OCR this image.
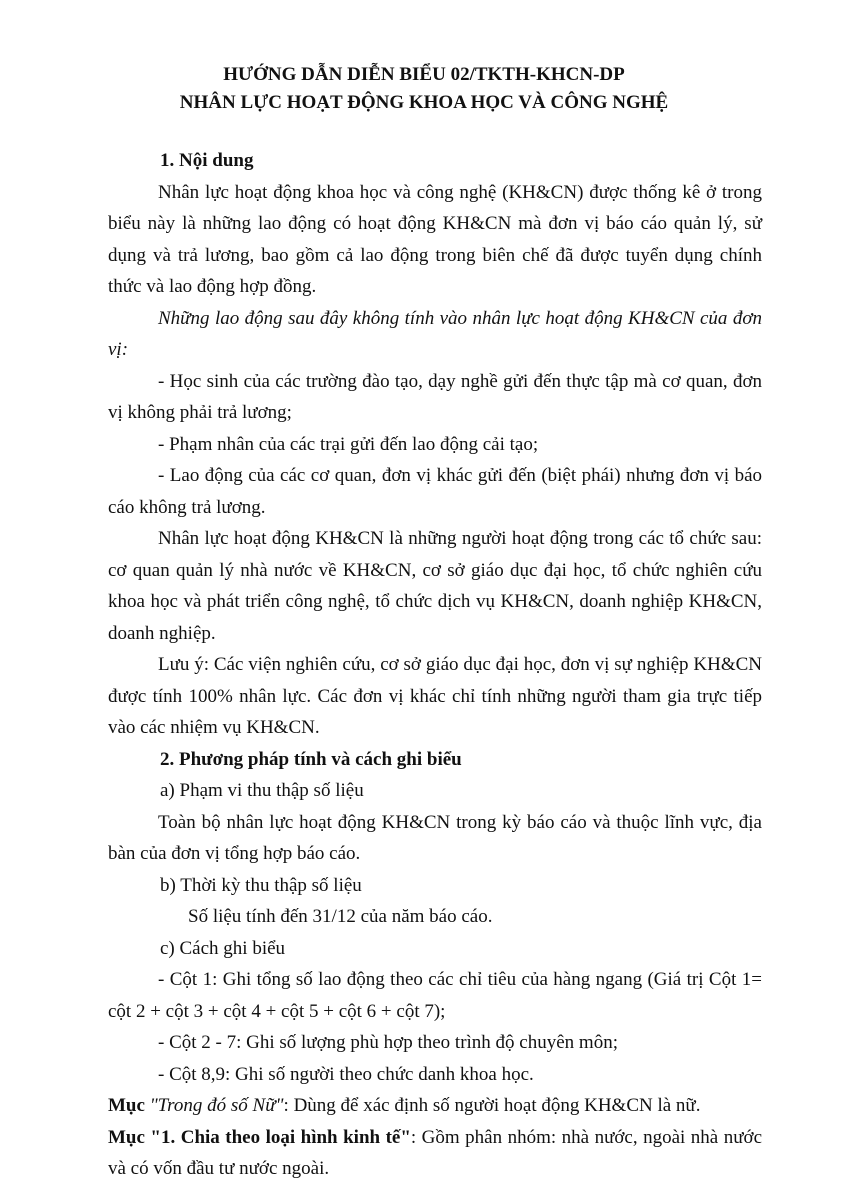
HƯỚNG DẪN DIỄN BIỂU 02/TKTH-KHCN-DP
NHÂN LỰC HOẠT ĐỘNG KHOA HỌC VÀ CÔNG NGHỆ

1. Nội dung

Nhân lực hoạt động khoa học và công nghệ (KH&CN) được thống kê ở trong biểu này là những lao động có hoạt động KH&CN mà đơn vị báo cáo quản lý, sử dụng và trả lương, bao gồm cả lao động trong biên chế đã được tuyển dụng chính thức và lao động hợp đồng.

Những lao động sau đây không tính vào nhân lực hoạt động KH&CN của đơn vị:

- Học sinh của các trường đào tạo, dạy nghề gửi đến thực tập mà cơ quan, đơn vị không phải trả lương;

- Phạm nhân của các trại gửi đến lao động cải tạo;

- Lao động của các cơ quan, đơn vị khác gửi đến (biệt phái) nhưng đơn vị báo cáo không trả lương.

Nhân lực hoạt động KH&CN là những người hoạt động trong các tổ chức sau: cơ quan quản lý nhà nước về KH&CN, cơ sở giáo dục đại học, tổ chức nghiên cứu khoa học và phát triển công nghệ, tổ chức dịch vụ KH&CN, doanh nghiệp KH&CN, doanh nghiệp.

Lưu ý: Các viện nghiên cứu, cơ sở giáo dục đại học, đơn vị sự nghiệp KH&CN được tính 100% nhân lực. Các đơn vị khác chỉ tính những người tham gia trực tiếp vào các nhiệm vụ KH&CN.

2. Phương pháp tính và cách ghi biểu

a) Phạm vi thu thập số liệu

Toàn bộ nhân lực hoạt động KH&CN trong kỳ báo cáo và thuộc lĩnh vực, địa bàn của đơn vị tổng hợp báo cáo.

b) Thời kỳ thu thập số liệu

Số liệu tính đến 31/12 của năm báo cáo.

c) Cách ghi biểu

- Cột 1: Ghi tổng số lao động theo các chỉ tiêu của hàng ngang (Giá trị Cột 1= cột 2 + cột 3 + cột 4 + cột 5 + cột 6 + cột 7);

- Cột 2 - 7: Ghi số lượng phù hợp theo trình độ chuyên môn;

- Cột 8,9: Ghi số người theo chức danh khoa học.

Mục "Trong đó số Nữ": Dùng để xác định số người hoạt động KH&CN là nữ.

Mục "1. Chia theo loại hình kinh tế": Gồm phân nhóm: nhà nước, ngoài nhà nước và có vốn đầu tư nước ngoài.
